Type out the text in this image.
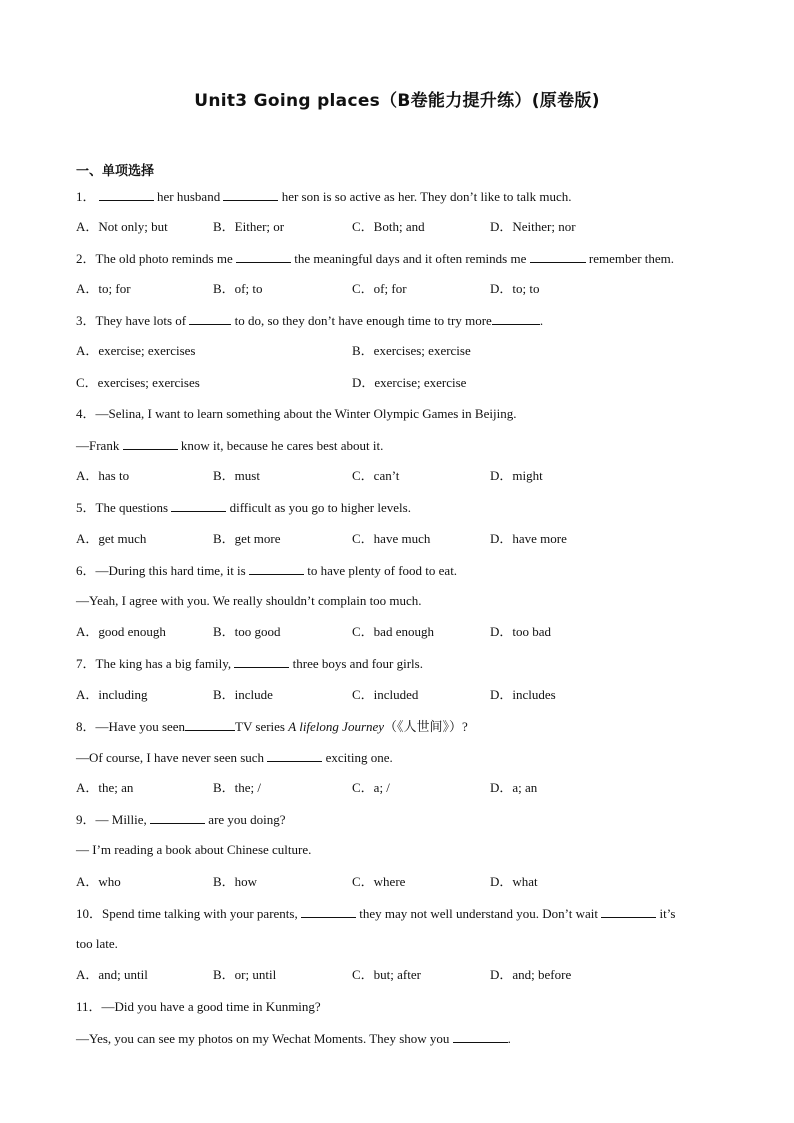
Unit3 Going places（B卷能力提升练）(原卷版)
一、单项选择
1．	her husband	her son is so active as her. They don’t like to talk much.
A．Not only; but	B．Either; or	C．Both; and	D．Neither; nor
2．The old photo reminds me	the meaningful days and it often reminds me	remember them.
A．to; for	B．of; to	C．of; for	D．to; to
3．They have lots of	to do, so they don’t have enough time to try more	.
A．exercise; exercises	B．exercises; exercise
C．exercises; exercises	D．exercise; exercise
4．—Selina, I want to learn something about the Winter Olympic Games in Beijing.
—Frank	know it, because he cares best about it.
A．has to	B．must	C．can’t	D．might
5．The questions	difficult as you go to higher levels.
A．get much	B．get more	C．have much	D．have more
6．—During this hard time, it is	to have plenty of food to eat.
—Yeah, I agree with you. We really shouldn’t complain too much.
A．good enough	B．too good	C．bad enough	D．too bad
7．The king has a big family,	three boys and four girls.
A．including	B．include	C．included	D．includes
8．—Have you seen	TV series A lifelong Journey（《人世间》）?
—Of course, I have never seen such	exciting one.
A．the; an	B．the; /	C．a; /	D．a; an
9．— Millie,	are you doing?
— I’m reading a book about Chinese culture.
A．who	B．how	C．where	D．what
10．Spend time talking with your parents,	they may not well understand you. Don’t wait	it’s
too late.
A．and; until	B．or; until	C．but; after	D．and; before
11．—Did you have a good time in Kunming?
—Yes, you can see my photos on my Wechat Moments. They show you	.
